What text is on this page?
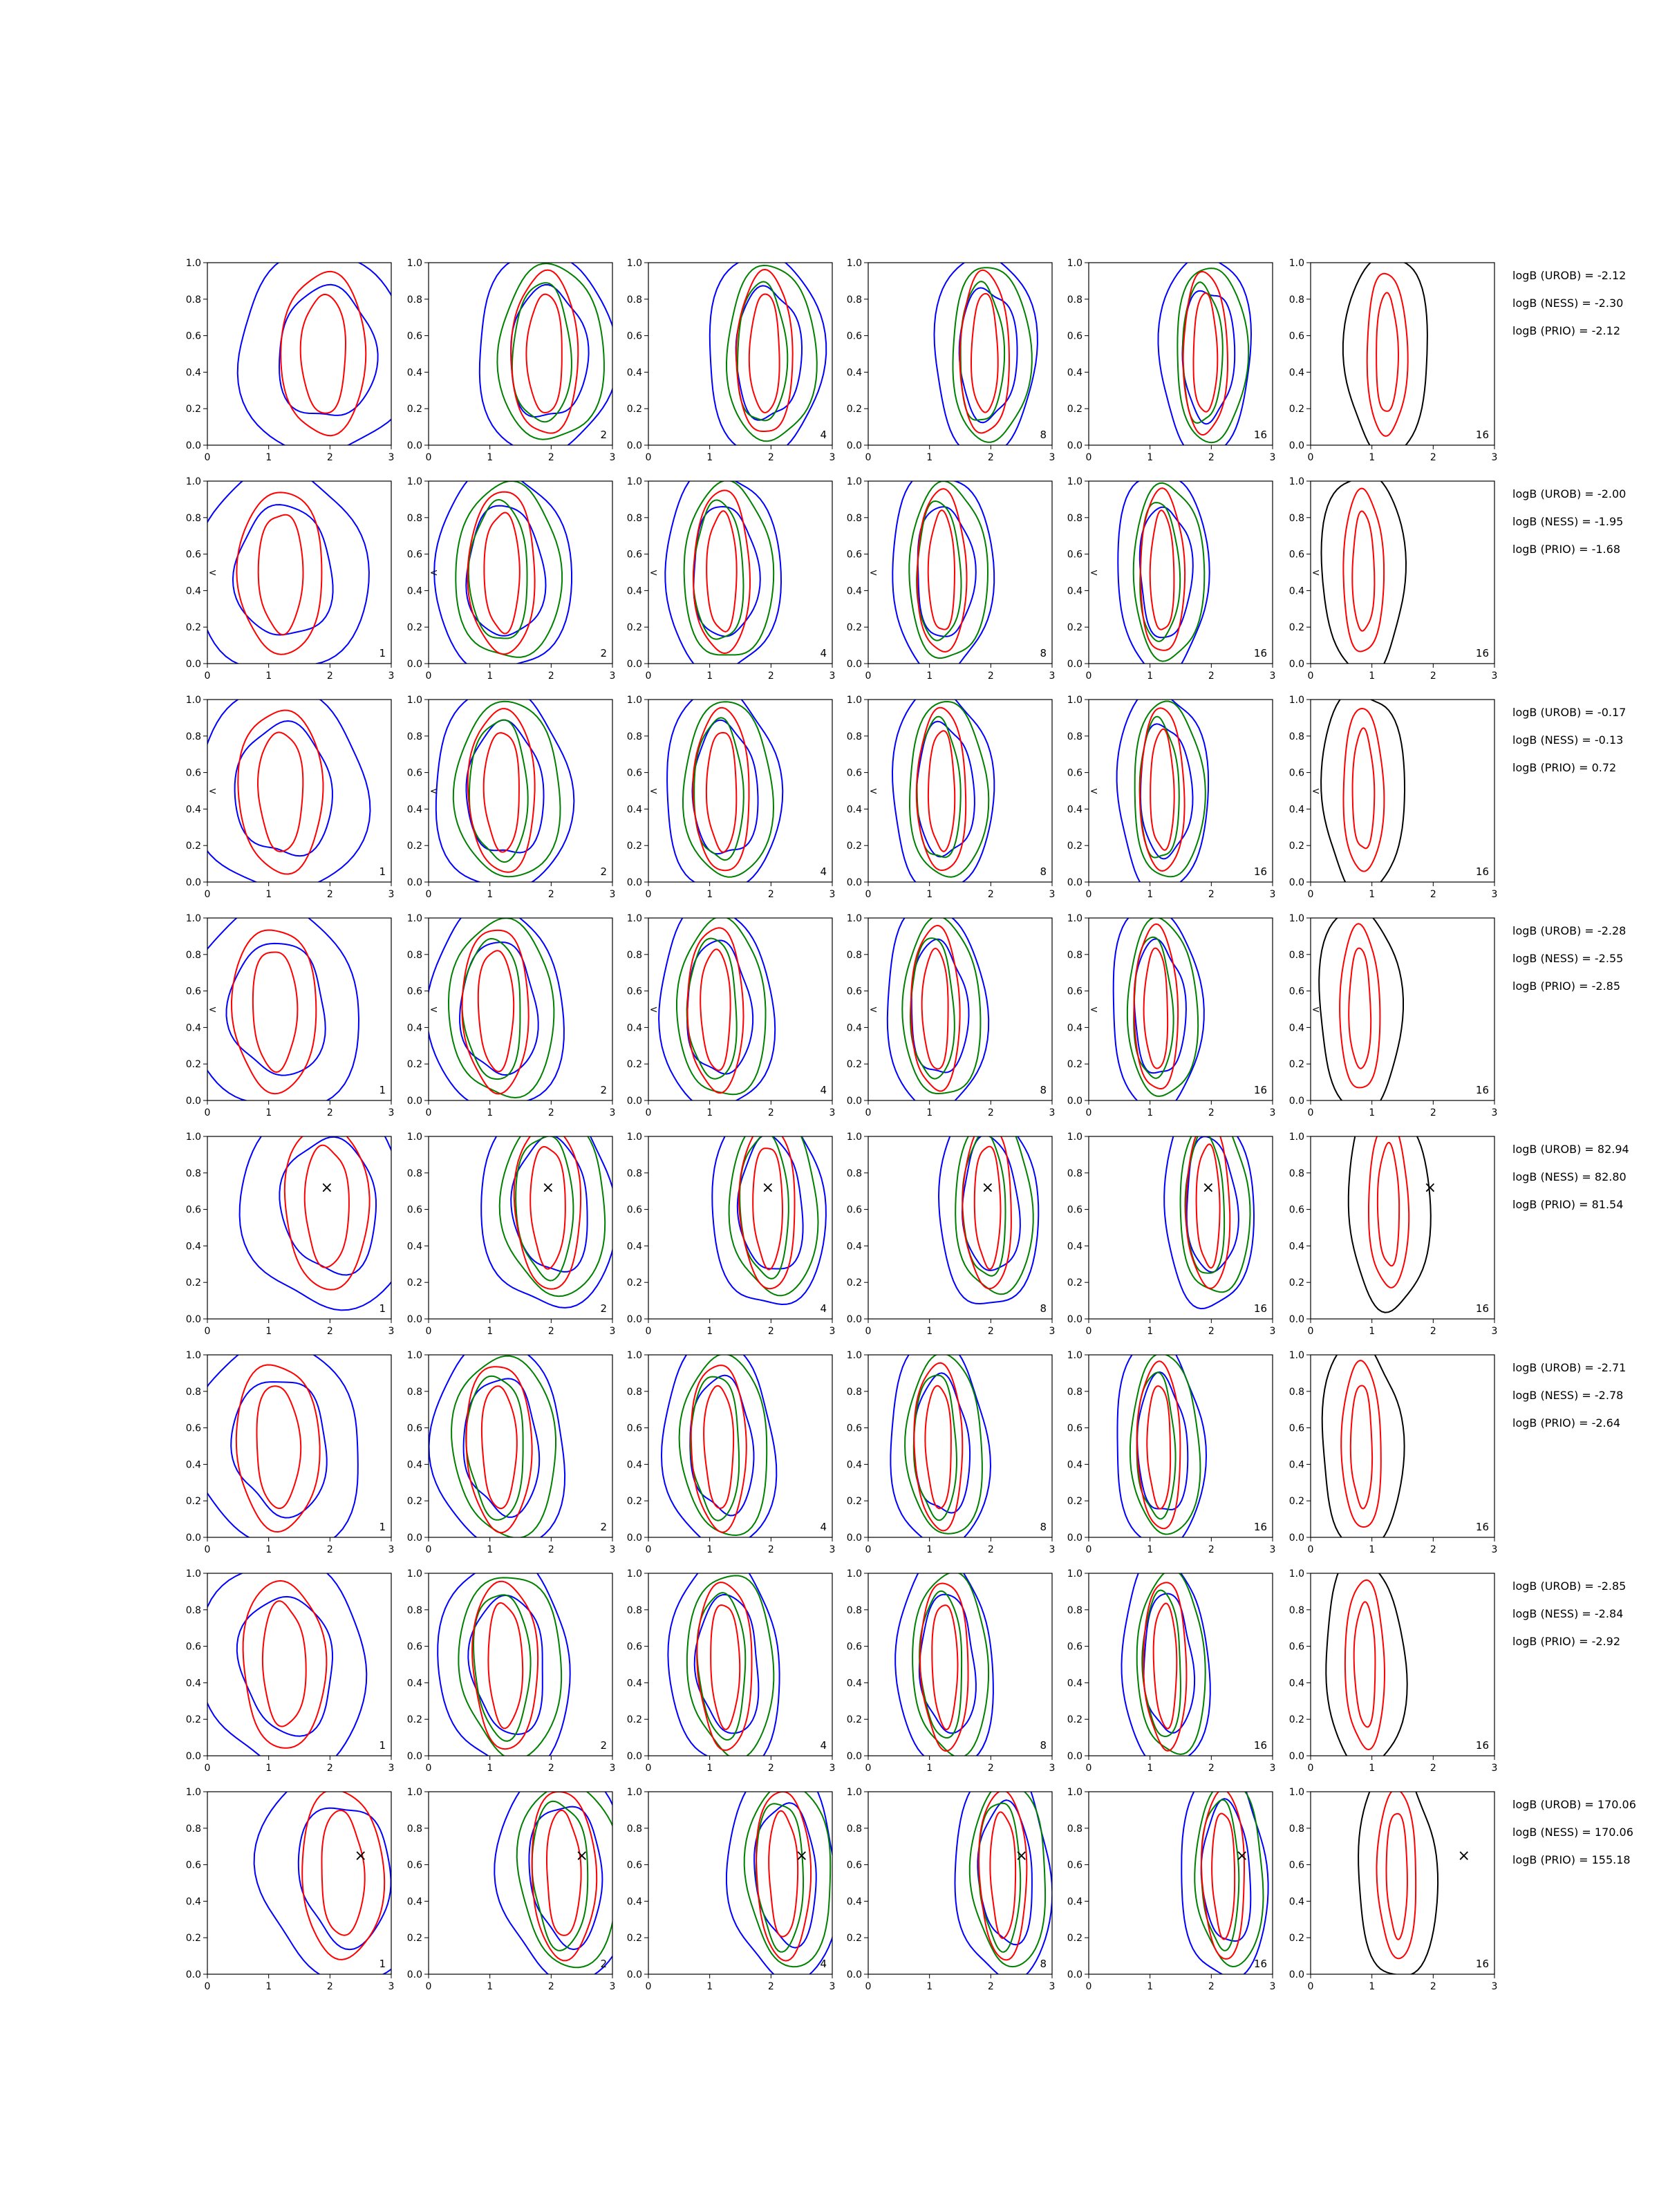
0	1	2	3
0.0
0.2
0.4
0.6
0.8
1.0
0	1	2	3
0.0
0.2
0.4
0.6
0.8
1.0
2
0	1	2	3
0.0
0.2
0.4
0.6
0.8
1.0
4
0	1	2	3
0.0
0.2
0.4
0.6
0.8
1.0
8
0	1	2	3
0.0
0.2
0.4
0.6
0.8
1.0
16
0	1	2	3
0.0
0.2
0.4
0.6
0.8
1.0
16
0	1	2	3
0.0
0.2
0.4
0.6
0.8
1.0
<
1
0	1	2	3
0.0
0.2
0.4
0.6
0.8
1.0
<
2
0	1	2	3
0.0
0.2
0.4
0.6
0.8
1.0
<
4
0	1	2	3
0.0
0.2
0.4
0.6
0.8
1.0
<
8
0	1	2	3
0.0
0.2
0.4
0.6
0.8
1.0
<
16
0	1	2	3
0.0
0.2
0.4
0.6
0.8
1.0
<
16
0	1	2	3
0.0
0.2
0.4
0.6
0.8
1.0
<
1
0	1	2	3
0.0
0.2
0.4
0.6
0.8
1.0
<
2
0	1	2	3
0.0
0.2
0.4
0.6
0.8
1.0
<
4
0	1	2	3
0.0
0.2
0.4
0.6
0.8
1.0
<
8
0	1	2	3
0.0
0.2
0.4
0.6
0.8
1.0
<
16
0	1	2	3
0.0
0.2
0.4
0.6
0.8
1.0
<
16
0	1	2	3
0.0
0.2
0.4
0.6
0.8
1.0
<
1
0	1	2	3
0.0
0.2
0.4
0.6
0.8
1.0
<
2
0	1	2	3
0.0
0.2
0.4
0.6
0.8
1.0
<
4
0	1	2	3
0.0
0.2
0.4
0.6
0.8
1.0
<
8
0	1	2	3
0.0
0.2
0.4
0.6
0.8
1.0
<
16
0	1	2	3
0.0
0.2
0.4
0.6
0.8
1.0
<
16
0	1	2	3
0.0
0.2
0.4
0.6
0.8
1.0
×
1
0	1	2	3
0.0
0.2
0.4
0.6
0.8
1.0
×
2
0	1	2	3
0.0
0.2
0.4
0.6
0.8
1.0
×
4
0	1	2	3
0.0
0.2
0.4
0.6
0.8
1.0
×
8
0	1	2	3
0.0
0.2
0.4
0.6
0.8
1.0
×
16
0	1	2	3
0.0
0.2
0.4
0.6
0.8
1.0
×
16
0	1	2	3
0.0
0.2
0.4
0.6
0.8
1.0
1
0	1	2	3
0.0
0.2
0.4
0.6
0.8
1.0
2
0	1	2	3
0.0
0.2
0.4
0.6
0.8
1.0
4
0	1	2	3
0.0
0.2
0.4
0.6
0.8
1.0
8
0	1	2	3
0.0
0.2
0.4
0.6
0.8
1.0
16
0	1	2	3
0.0
0.2
0.4
0.6
0.8
1.0
16
0	1	2	3
0.0
0.2
0.4
0.6
0.8
1.0
1
0	1	2	3
0.0
0.2
0.4
0.6
0.8
1.0
2
0	1	2	3
0.0
0.2
0.4
0.6
0.8
1.0
4
0	1	2	3
0.0
0.2
0.4
0.6
0.8
1.0
8
0	1	2	3
0.0
0.2
0.4
0.6
0.8
1.0
16
0	1	2	3
0.0
0.2
0.4
0.6
0.8
1.0
16
0	1	2	3
0.0
0.2
0.4
0.6
0.8
1.0
×
1
0	1	2	3
0.0
0.2
0.4
0.6
0.8
1.0
×
2
0	1	2	3
0.0
0.2
0.4
0.6
0.8
1.0
×
4
0	1	2	3
0.0
0.2
0.4
0.6
0.8
1.0
×
8
0	1	2	3
0.0
0.2
0.4
0.6
0.8
1.0
×
16
0	1	2	3
0.0
0.2
0.4
0.6
0.8
1.0
×
16
logB (UROB) = -2.12
logB (NESS) = -2.30
logB (PRIO) = -2.12
logB (UROB) = -2.00
logB (NESS) = -1.95
logB (PRIO) = -1.68
logB (UROB) = -0.17
logB (NESS) = -0.13
logB (PRIO) = 0.72
logB (UROB) = -2.28
logB (NESS) = -2.55
logB (PRIO) = -2.85
logB (UROB) = 82.94
logB (NESS) = 82.80
logB (PRIO) = 81.54
logB (UROB) = -2.71
logB (NESS) = -2.78
logB (PRIO) = -2.64
logB (UROB) = -2.85
logB (NESS) = -2.84
logB (PRIO) = -2.92
logB (UROB) = 170.06
logB (NESS) = 170.06
logB (PRIO) = 155.18
